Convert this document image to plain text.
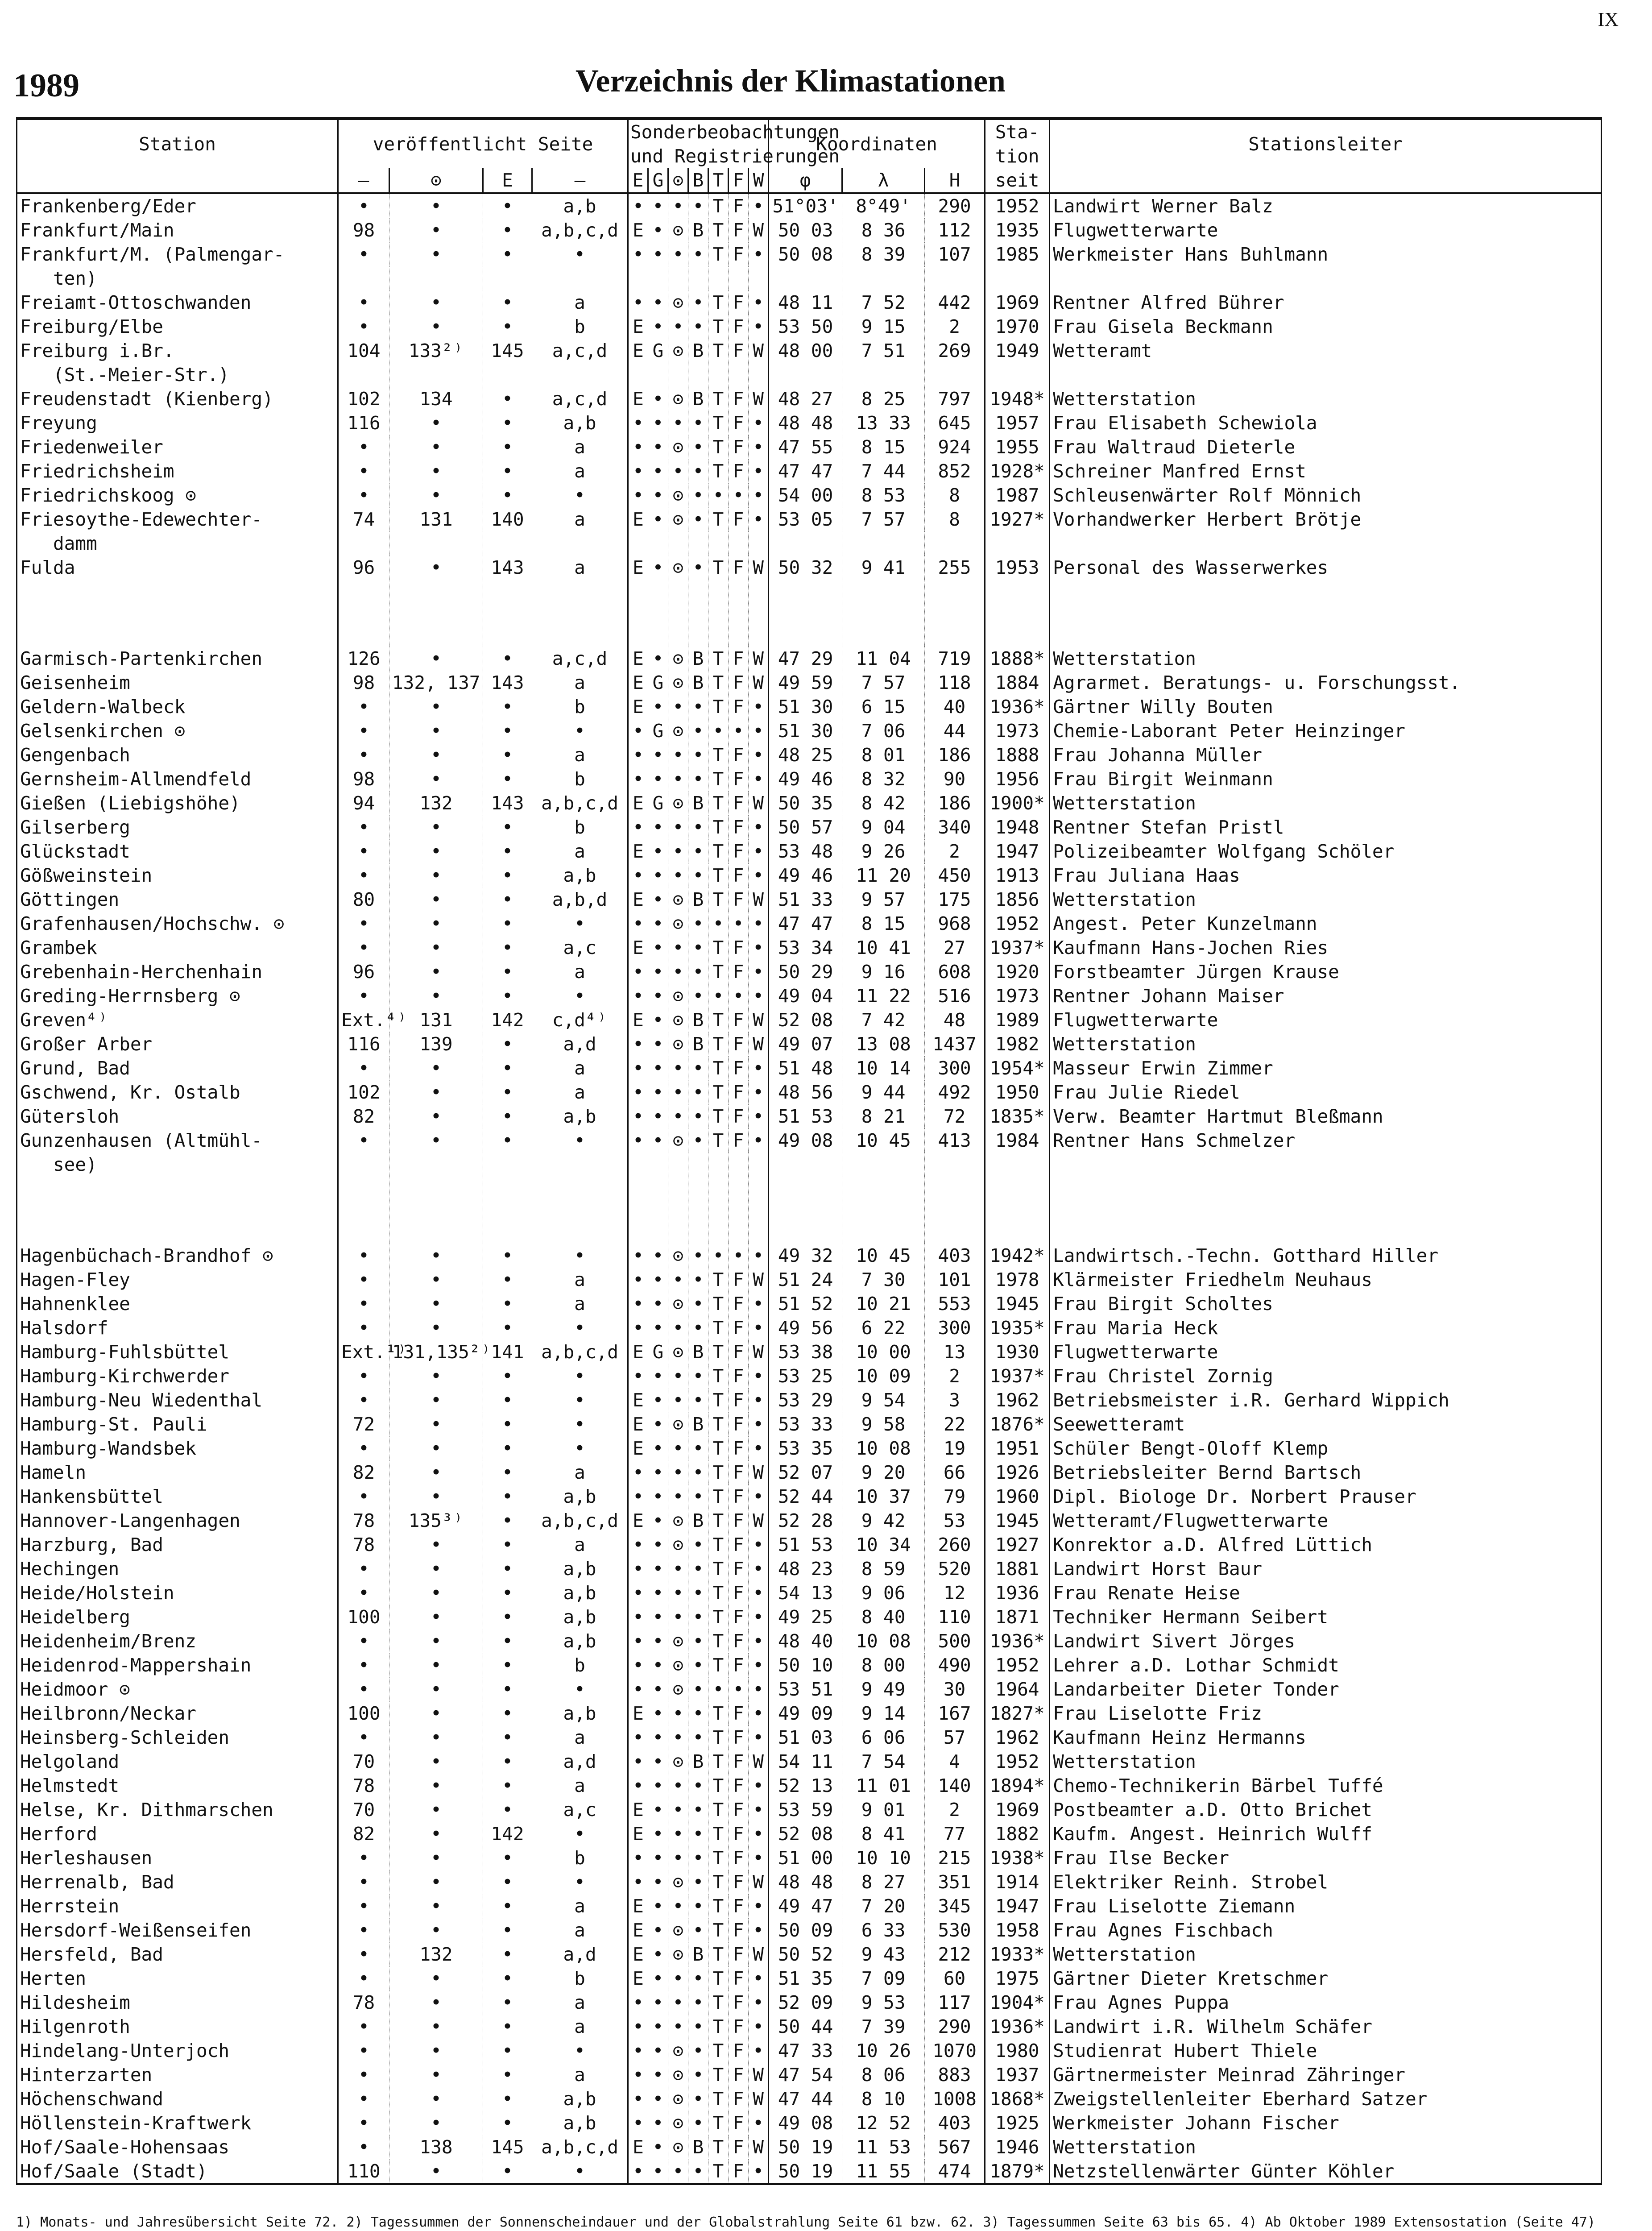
IX
1989	Verzeichnis der Klimastationen
Station	veröffentlicht Seite				Sonderbeobachtungen							Koordinaten			Sta-	Stationsleiter
					und Registrierungen										tion	
	–	⊙	E	–	E	G	⊙	B	T	F	W	φ	λ	H	seit	
Frankenberg/Eder	•	•	•	a,b	•	•	•	•	T	F	•	51°03'	8°49'	290	1952	Landwirt Werner Balz
Frankfurt/Main	98	•	•	a,b,c,d	E	•	⊙	B	T	F	W	50 03	8 36	112	1935	Flugwetterwarte
Frankfurt/M. (Palmengar-	•	•	•	•	•	•	•	•	T	F	•	50 08	8 39	107	1985	Werkmeister Hans Buhlmann
ten)																
Freiamt-Ottoschwanden	•	•	•	a	•	•	⊙	•	T	F	•	48 11	7 52	442	1969	Rentner Alfred Bührer
Freiburg/Elbe	•	•	•	b	E	•	•	•	T	F	•	53 50	9 15	2	1970	Frau Gisela Beckmann
Freiburg i.Br.	104	133²⁾	145	a,c,d	E	G	⊙	B	T	F	W	48 00	7 51	269	1949	Wetteramt
(St.-Meier-Str.)																
Freudenstadt (Kienberg)	102	134	•	a,c,d	E	•	⊙	B	T	F	W	48 27	8 25	797	1948*	Wetterstation
Freyung	116	•	•	a,b	•	•	•	•	T	F	•	48 48	13 33	645	1957	Frau Elisabeth Schewiola
Friedenweiler	•	•	•	a	•	•	⊙	•	T	F	•	47 55	8 15	924	1955	Frau Waltraud Dieterle
Friedrichsheim	•	•	•	a	•	•	•	•	T	F	•	47 47	7 44	852	1928*	Schreiner Manfred Ernst
Friedrichskoog ⊙	•	•	•	•	•	•	⊙	•	•	•	•	54 00	8 53	8	1987	Schleusenwärter Rolf Mönnich
Friesoythe-Edewechter-	74	131	140	a	E	•	⊙	•	T	F	•	53 05	7 57	8	1927*	Vorhandwerker Herbert Brötje
damm																
Fulda	96	•	143	a	E	•	⊙	•	T	F	W	50 32	9 41	255	1953	Personal des Wasserwerkes

Garmisch-Partenkirchen	126	•	•	a,c,d	E	•	⊙	B	T	F	W	47 29	11 04	719	1888*	Wetterstation
Geisenheim	98	132, 137	143	a	E	G	⊙	B	T	F	W	49 59	7 57	118	1884	Agrarmet. Beratungs- u. Forschungsst.
Geldern-Walbeck	•	•	•	b	E	•	•	•	T	F	•	51 30	6 15	40	1936*	Gärtner Willy Bouten
Gelsenkirchen ⊙	•	•	•	•	•	G	⊙	•	•	•	•	51 30	7 06	44	1973	Chemie-Laborant Peter Heinzinger
Gengenbach	•	•	•	a	•	•	•	•	T	F	•	48 25	8 01	186	1888	Frau Johanna Müller
Gernsheim-Allmendfeld	98	•	•	b	•	•	•	•	T	F	•	49 46	8 32	90	1956	Frau Birgit Weinmann
Gießen (Liebigshöhe)	94	132	143	a,b,c,d	E	G	⊙	B	T	F	W	50 35	8 42	186	1900*	Wetterstation
Gilserberg	•	•	•	b	•	•	•	•	T	F	•	50 57	9 04	340	1948	Rentner Stefan Pristl
Glückstadt	•	•	•	a	E	•	•	•	T	F	•	53 48	9 26	2	1947	Polizeibeamter Wolfgang Schöler
Gößweinstein	•	•	•	a,b	•	•	•	•	T	F	•	49 46	11 20	450	1913	Frau Juliana Haas
Göttingen	80	•	•	a,b,d	E	•	⊙	B	T	F	W	51 33	9 57	175	1856	Wetterstation
Grafenhausen/Hochschw. ⊙	•	•	•	•	•	•	⊙	•	•	•	•	47 47	8 15	968	1952	Angest. Peter Kunzelmann
Grambek	•	•	•	a,c	E	•	•	•	T	F	•	53 34	10 41	27	1937*	Kaufmann Hans-Jochen Ries
Grebenhain-Herchenhain	96	•	•	a	•	•	•	•	T	F	•	50 29	9 16	608	1920	Forstbeamter Jürgen Krause
Greding-Herrnsberg ⊙	•	•	•	•	•	•	⊙	•	•	•	•	49 04	11 22	516	1973	Rentner Johann Maiser
Greven⁴⁾	Ext.⁴⁾	131	142	c,d⁴⁾	E	•	⊙	B	T	F	W	52 08	7 42	48	1989	Flugwetterwarte
Großer Arber	116	139	•	a,d	•	•	⊙	B	T	F	W	49 07	13 08	1437	1982	Wetterstation
Grund, Bad	•	•	•	a	•	•	•	•	T	F	•	51 48	10 14	300	1954*	Masseur Erwin Zimmer
Gschwend, Kr. Ostalb	102	•	•	a	•	•	•	•	T	F	•	48 56	9 44	492	1950	Frau Julie Riedel
Gütersloh	82	•	•	a,b	•	•	•	•	T	F	•	51 53	8 21	72	1835*	Verw. Beamter Hartmut Bleßmann
Gunzenhausen (Altmühl-	•	•	•	•	•	•	⊙	•	T	F	•	49 08	10 45	413	1984	Rentner Hans Schmelzer
see)																

Hagenbüchach-Brandhof ⊙	•	•	•	•	•	•	⊙	•	•	•	•	49 32	10 45	403	1942*	Landwirtsch.-Techn. Gotthard Hiller
Hagen-Fley	•	•	•	a	•	•	•	•	T	F	W	51 24	7 30	101	1978	Klärmeister Friedhelm Neuhaus
Hahnenklee	•	•	•	a	•	•	⊙	•	T	F	•	51 52	10 21	553	1945	Frau Birgit Scholtes
Halsdorf	•	•	•	•	•	•	•	•	T	F	•	49 56	6 22	300	1935*	Frau Maria Heck
Hamburg-Fuhlsbüttel	Ext.¹⁾	131,135²⁾	141	a,b,c,d	E	G	⊙	B	T	F	W	53 38	10 00	13	1930	Flugwetterwarte
Hamburg-Kirchwerder	•	•	•	•	•	•	•	•	T	F	•	53 25	10 09	2	1937*	Frau Christel Zornig
Hamburg-Neu Wiedenthal	•	•	•	•	E	•	•	•	T	F	•	53 29	9 54	3	1962	Betriebsmeister i.R. Gerhard Wippich
Hamburg-St. Pauli	72	•	•	•	E	•	⊙	B	T	F	•	53 33	9 58	22	1876*	Seewetteramt
Hamburg-Wandsbek	•	•	•	•	E	•	•	•	T	F	•	53 35	10 08	19	1951	Schüler Bengt-Oloff Klemp
Hameln	82	•	•	a	•	•	•	•	T	F	W	52 07	9 20	66	1926	Betriebsleiter Bernd Bartsch
Hankensbüttel	•	•	•	a,b	•	•	•	•	T	F	•	52 44	10 37	79	1960	Dipl. Biologe Dr. Norbert Prauser
Hannover-Langenhagen	78	135³⁾	•	a,b,c,d	E	•	⊙	B	T	F	W	52 28	9 42	53	1945	Wetteramt/Flugwetterwarte
Harzburg, Bad	78	•	•	a	•	•	⊙	•	T	F	•	51 53	10 34	260	1927	Konrektor a.D. Alfred Lüttich
Hechingen	•	•	•	a,b	•	•	•	•	T	F	•	48 23	8 59	520	1881	Landwirt Horst Baur
Heide/Holstein	•	•	•	a,b	•	•	•	•	T	F	•	54 13	9 06	12	1936	Frau Renate Heise
Heidelberg	100	•	•	a,b	•	•	•	•	T	F	•	49 25	8 40	110	1871	Techniker Hermann Seibert
Heidenheim/Brenz	•	•	•	a,b	•	•	⊙	•	T	F	•	48 40	10 08	500	1936*	Landwirt Sivert Jörges
Heidenrod-Mappershain	•	•	•	b	•	•	⊙	•	T	F	•	50 10	8 00	490	1952	Lehrer a.D. Lothar Schmidt
Heidmoor ⊙	•	•	•	•	•	•	⊙	•	•	•	•	53 51	9 49	30	1964	Landarbeiter Dieter Tonder
Heilbronn/Neckar	100	•	•	a,b	E	•	•	•	T	F	•	49 09	9 14	167	1827*	Frau Liselotte Friz
Heinsberg-Schleiden	•	•	•	a	•	•	•	•	T	F	•	51 03	6 06	57	1962	Kaufmann Heinz Hermanns
Helgoland	70	•	•	a,d	•	•	⊙	B	T	F	W	54 11	7 54	4	1952	Wetterstation
Helmstedt	78	•	•	a	•	•	•	•	T	F	•	52 13	11 01	140	1894*	Chemo-Technikerin Bärbel Tuffé
Helse, Kr. Dithmarschen	70	•	•	a,c	E	•	•	•	T	F	•	53 59	9 01	2	1969	Postbeamter a.D. Otto Brichet
Herford	82	•	142	•	E	•	•	•	T	F	•	52 08	8 41	77	1882	Kaufm. Angest. Heinrich Wulff
Herleshausen	•	•	•	b	•	•	•	•	T	F	•	51 00	10 10	215	1938*	Frau Ilse Becker
Herrenalb, Bad	•	•	•	•	•	•	⊙	•	T	F	W	48 48	8 27	351	1914	Elektriker Reinh. Strobel
Herrstein	•	•	•	a	E	•	•	•	T	F	•	49 47	7 20	345	1947	Frau Liselotte Ziemann
Hersdorf-Weißenseifen	•	•	•	a	E	•	⊙	•	T	F	•	50 09	6 33	530	1958	Frau Agnes Fischbach
Hersfeld, Bad	•	132	•	a,d	E	•	⊙	B	T	F	W	50 52	9 43	212	1933*	Wetterstation
Herten	•	•	•	b	E	•	•	•	T	F	•	51 35	7 09	60	1975	Gärtner Dieter Kretschmer
Hildesheim	78	•	•	a	•	•	•	•	T	F	•	52 09	9 53	117	1904*	Frau Agnes Puppa
Hilgenroth	•	•	•	a	•	•	•	•	T	F	•	50 44	7 39	290	1936*	Landwirt i.R. Wilhelm Schäfer
Hindelang-Unterjoch	•	•	•	•	•	•	⊙	•	T	F	•	47 33	10 26	1070	1980	Studienrat Hubert Thiele
Hinterzarten	•	•	•	a	•	•	⊙	•	T	F	W	47 54	8 06	883	1937	Gärtnermeister Meinrad Zähringer
Höchenschwand	•	•	•	a,b	•	•	⊙	•	T	F	W	47 44	8 10	1008	1868*	Zweigstellenleiter Eberhard Satzer
Höllenstein-Kraftwerk	•	•	•	a,b	•	•	⊙	•	T	F	•	49 08	12 52	403	1925	Werkmeister Johann Fischer
Hof/Saale-Hohensaas	•	138	145	a,b,c,d	E	•	⊙	B	T	F	W	50 19	11 53	567	1946	Wetterstation
Hof/Saale (Stadt)	110	•	•	•	•	•	•	•	T	F	•	50 19	11 55	474	1879*	Netzstellenwärter Günter Köhler
1) Monats- und Jahresübersicht Seite 72. 2) Tagessummen der Sonnenscheindauer und der Globalstrahlung Seite 61 bzw. 62. 3) Tagessummen Seite 63 bis 65. 4) Ab Oktober 1989 Extensostation (Seite 47)
